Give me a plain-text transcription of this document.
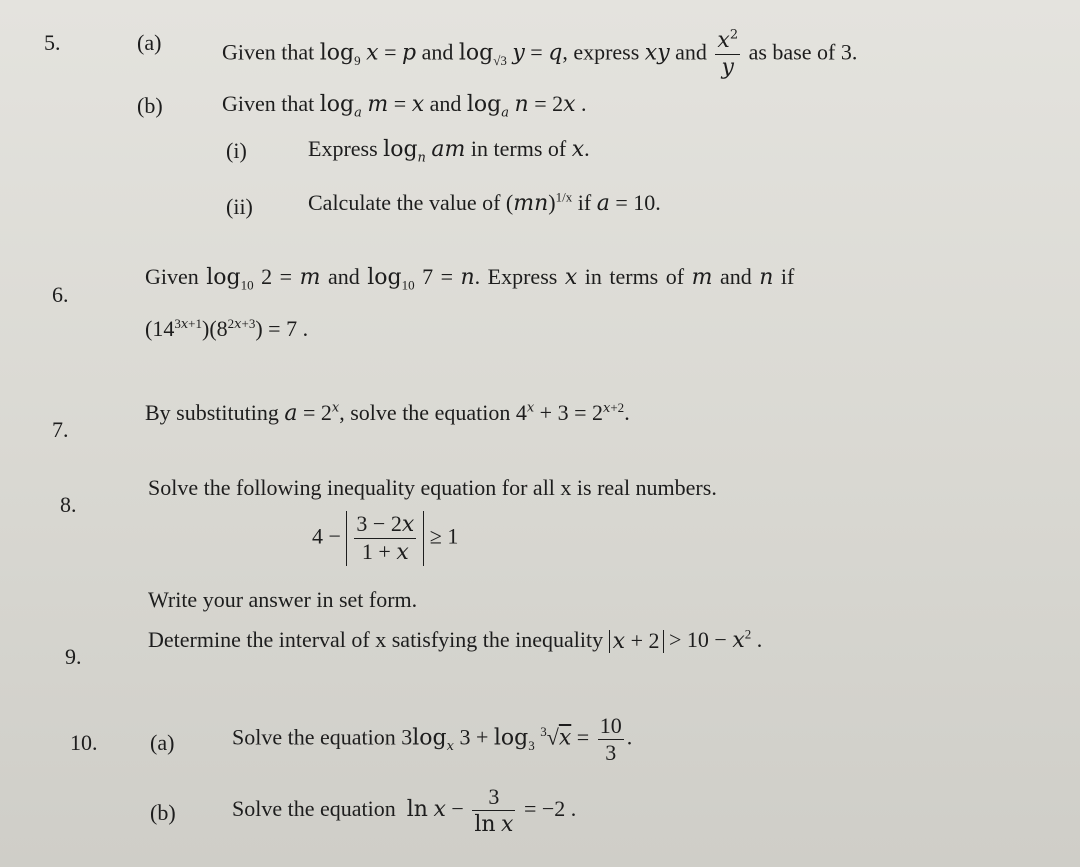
5.	(a)	Given that $\log_9 x = p$ and $\log_{√3} y = q$, express xy and $\frac{x^2}{y}$ as base of 3.
(b)	Given that $\log_a m = x$ and $\log_a n = 2x$ .
(i)	Express $\log_n$ am in terms of x.
(ii)	Calculate the value of (mn)$^{1/x}$ if a = 10.
6.
Given $\log_{10} 2 = m$ and $\log_{10} 7 = n$. Express x in terms of m and n if
$(14^{3x+1})(8^{2x+3}) = 7$ .
7.
By substituting $a = 2^x$, solve the equation $4^x + 3 = 2^{x+2}$.
8.
Solve the following inequality equation for all x is real numbers.
$4 - \frac{3 - 2x}{1 + x} \ge 1$
Write your answer in set form.
9.
Determine the interval of x satisfying the inequality $x + 2 > 10 - x^2$ .
10. (a)	Solve the equation $3\log_x$ $3 + \log_3 ^3√x = \frac{10}{3}$ .
(b)	Solve the equation $\ln x - \frac{3}{\text{ln x}} = -2$ .
